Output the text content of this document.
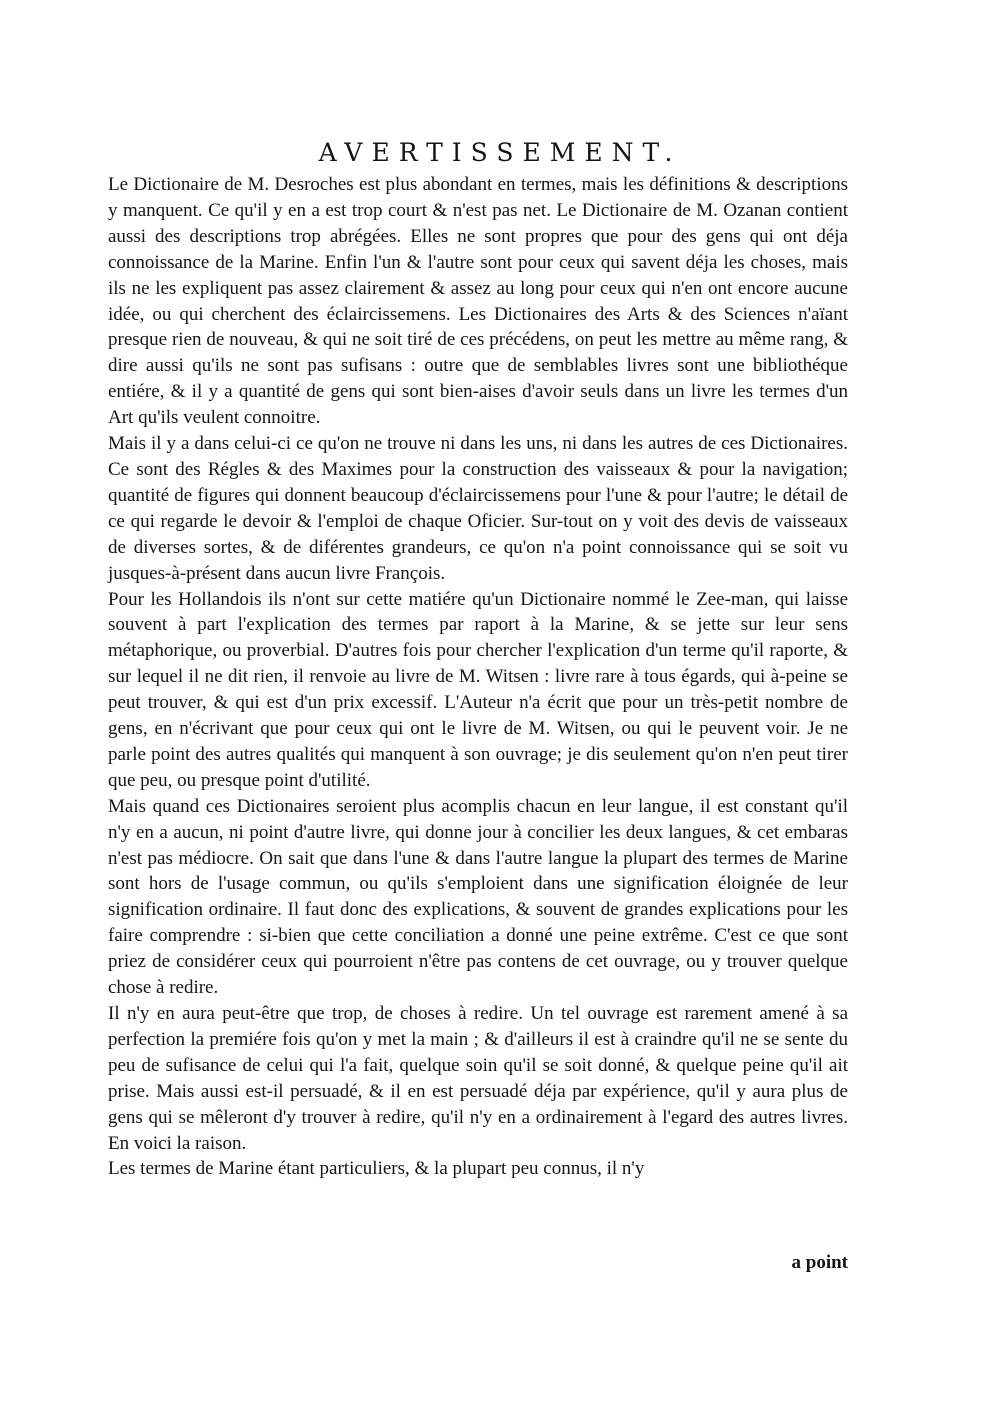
AVERTISSEMENT.

Le Dictionaire de M. Desroches est plus abondant en termes, mais les définitions & descriptions y manquent. Ce qu'il y en a est trop court & n'est pas net. Le Dictionaire de M. Ozanan contient aussi des descriptions trop abrégées. Elles ne sont propres que pour des gens qui ont déja connoissance de la Marine. Enfin l'un & l'autre sont pour ceux qui savent déja les choses, mais ils ne les expliquent pas assez clairement & assez au long pour ceux qui n'en ont encore aucune idée, ou qui cherchent des éclaircissemens. Les Dictionaires des Arts & des Sciences n'aïant presque rien de nouveau, & qui ne soit tiré de ces précédens, on peut les mettre au même rang, & dire aussi qu'ils ne sont pas sufisans : outre que de semblables livres sont une bibliothéque entiére, & il y a quantité de gens qui sont bien-aises d'avoir seuls dans un livre les termes d'un Art qu'ils veulent connoitre.

Mais il y a dans celui-ci ce qu'on ne trouve ni dans les uns, ni dans les autres de ces Dictionaires. Ce sont des Régles & des Maximes pour la construction des vaisseaux & pour la navigation; quantité de figures qui donnent beaucoup d'éclaircissemens pour l'une & pour l'autre; le détail de ce qui regarde le devoir & l'emploi de chaque Oficier. Sur-tout on y voit des devis de vaisseaux de diverses sortes, & de diférentes grandeurs, ce qu'on n'a point connoissance qui se soit vu jusques-à-présent dans aucun livre François.

Pour les Hollandois ils n'ont sur cette matiére qu'un Dictionaire nommé le Zee-man, qui laisse souvent à part l'explication des termes par raport à la Marine, & se jette sur leur sens métaphorique, ou proverbial. D'autres fois pour chercher l'explication d'un terme qu'il raporte, & sur lequel il ne dit rien, il renvoie au livre de M. Witsen : livre rare à tous égards, qui à-peine se peut trouver, & qui est d'un prix excessif. L'Auteur n'a écrit que pour un très-petit nombre de gens, en n'écrivant que pour ceux qui ont le livre de M. Witsen, ou qui le peuvent voir. Je ne parle point des autres qualités qui manquent à son ouvrage; je dis seulement qu'on n'en peut tirer que peu, ou presque point d'utilité.

Mais quand ces Dictionaires seroient plus acomplis chacun en leur langue, il est constant qu'il n'y en a aucun, ni point d'autre livre, qui donne jour à concilier les deux langues, & cet embaras n'est pas médiocre. On sait que dans l'une & dans l'autre langue la plupart des termes de Marine sont hors de l'usage commun, ou qu'ils s'emploient dans une signification éloignée de leur signification ordinaire. Il faut donc des explications, & souvent de grandes explications pour les faire comprendre : si-bien que cette conciliation a donné une peine extrême. C'est ce que sont priez de considérer ceux qui pourroient n'être pas contens de cet ouvrage, ou y trouver quelque chose à redire.

Il n'y en aura peut-être que trop, de choses à redire. Un tel ouvrage est rarement amené à sa perfection la premiére fois qu'on y met la main ; & d'ailleurs il est à craindre qu'il ne se sente du peu de sufisance de celui qui l'a fait, quelque soin qu'il se soit donné, & quelque peine qu'il ait prise. Mais aussi est-il persuadé, & il en est persuadé déja par expérience, qu'il y aura plus de gens qui se mêleront d'y trouver à redire, qu'il n'y en a ordinairement à l'egard des autres livres. En voici la raison.

Les termes de Marine étant particuliers, & la plupart peu connus, il n'y

a point
